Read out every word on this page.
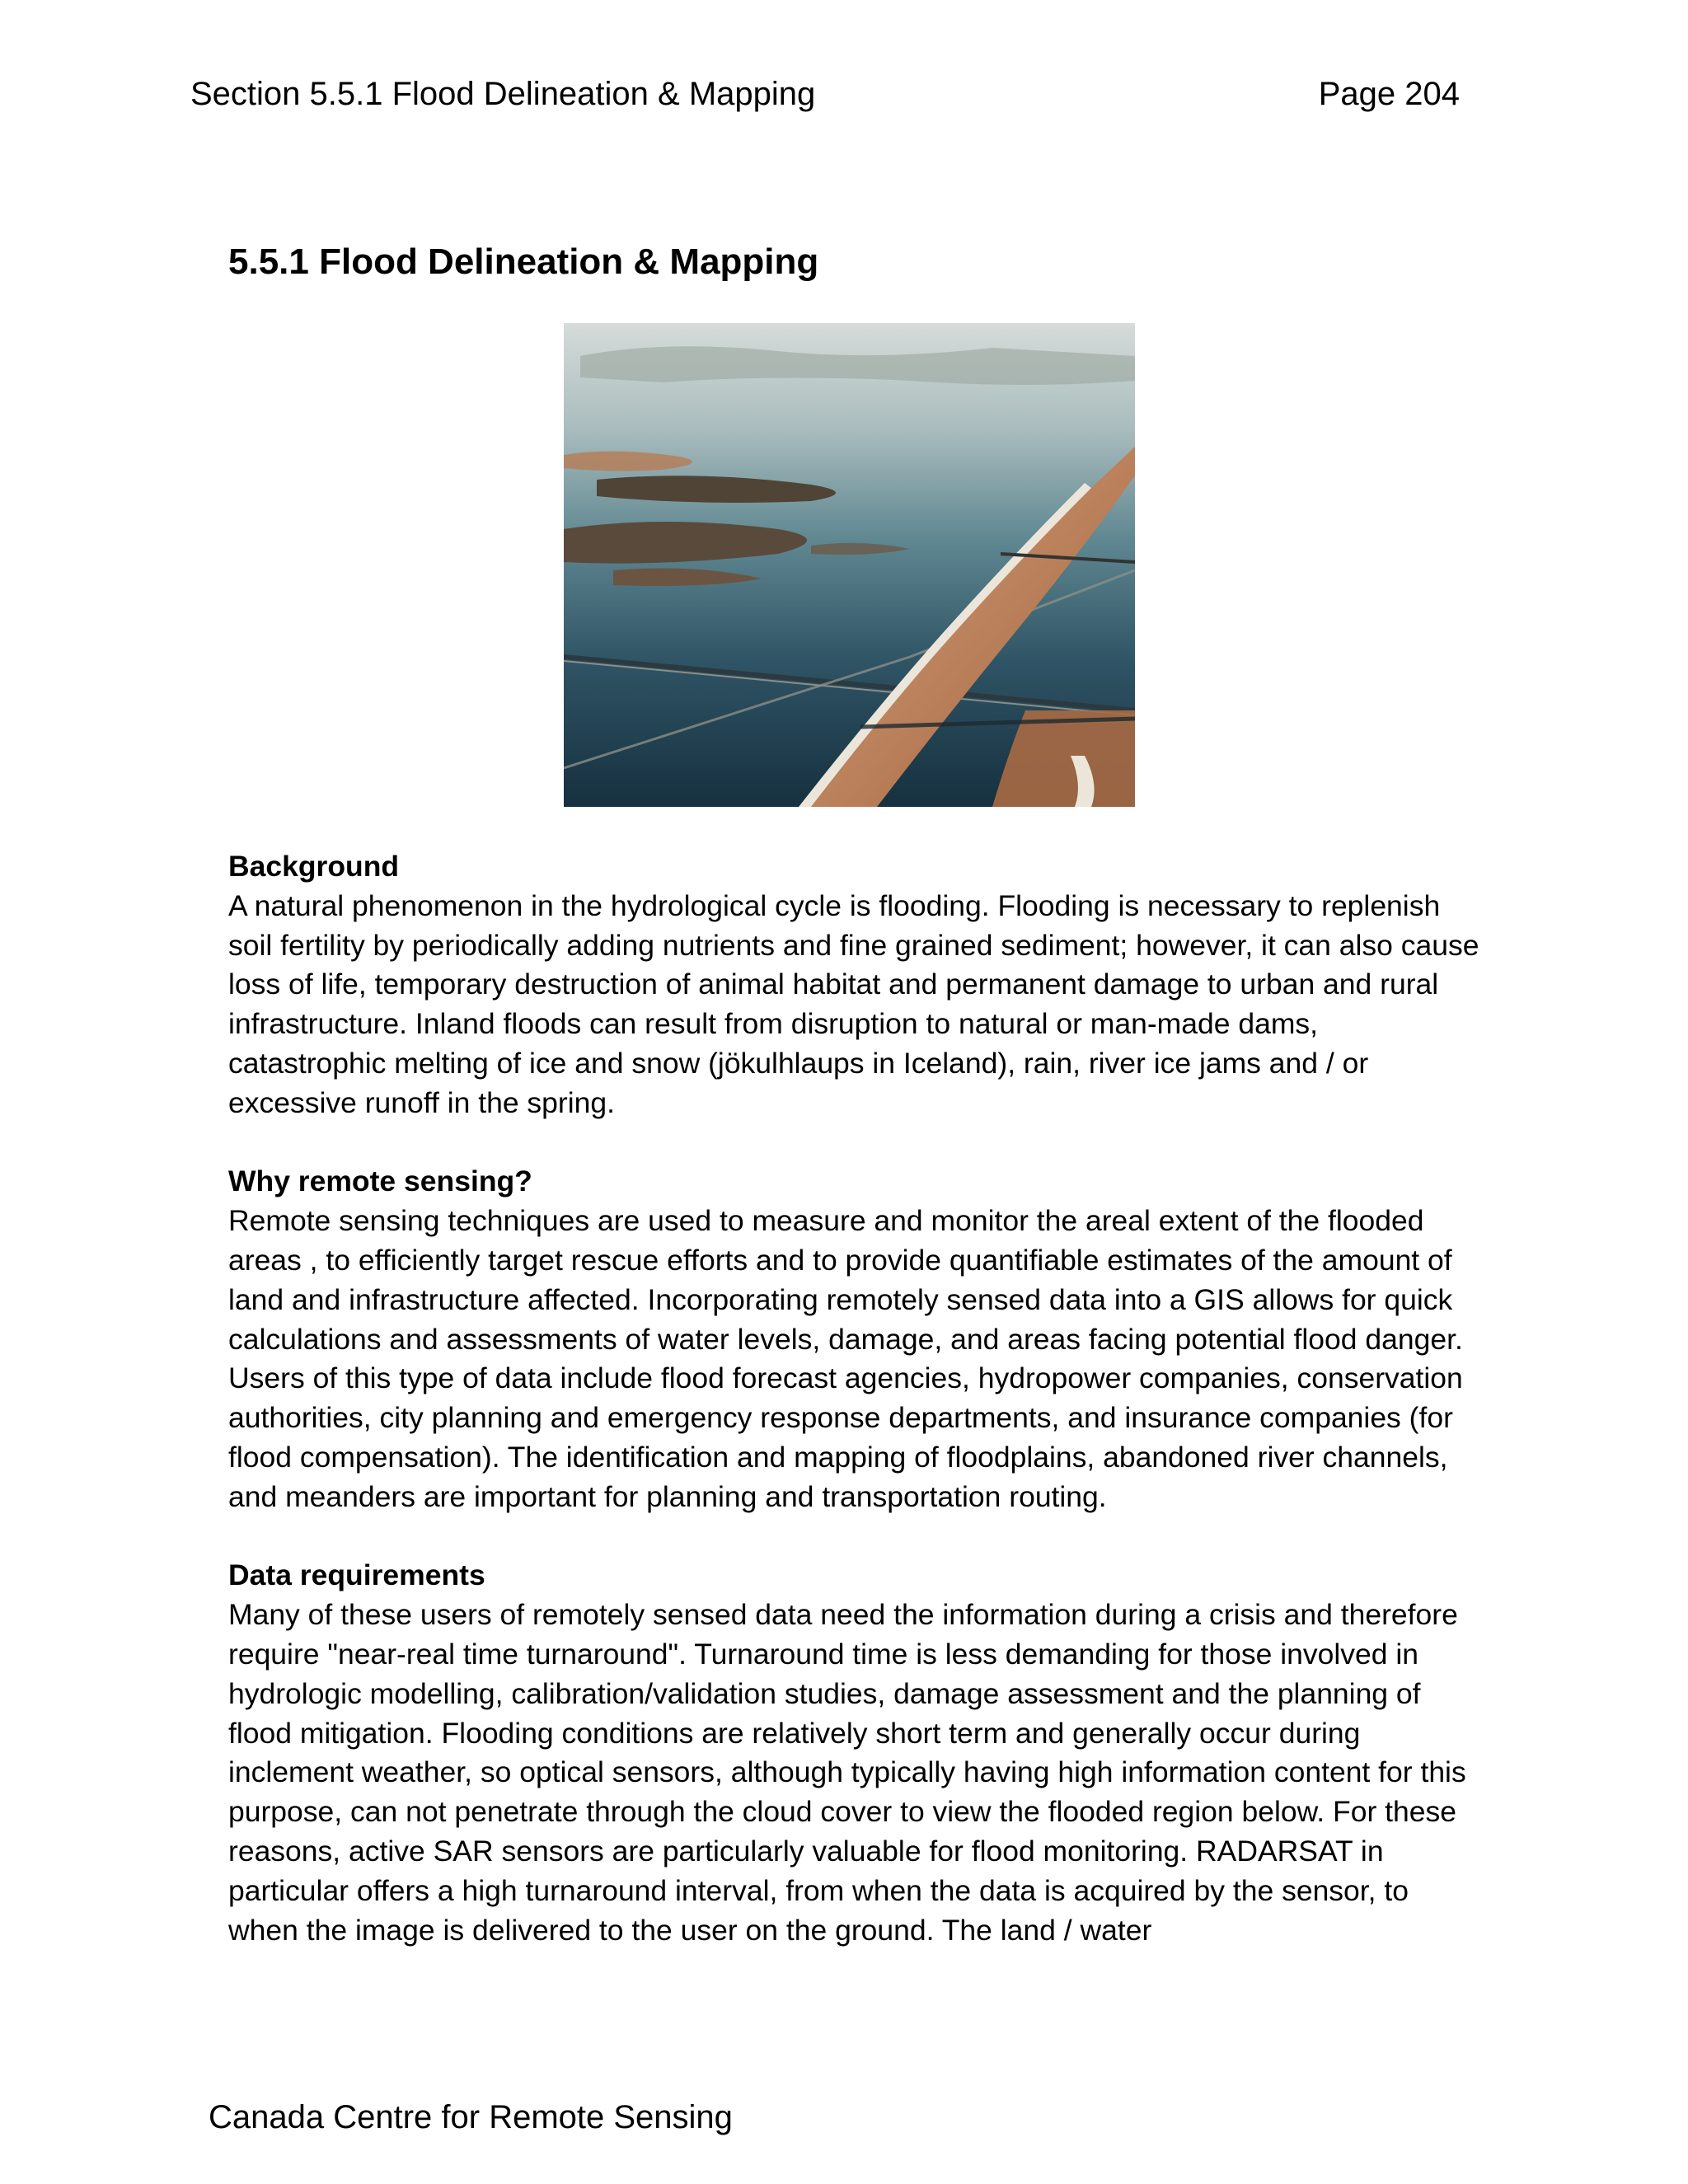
Section 5.5.1 Flood Delineation & Mapping	Page 204
5.5.1 Flood Delineation & Mapping
Background

A natural phenomenon in the hydrological cycle is flooding. Flooding is necessary to replenish soil fertility by periodically adding nutrients and fine grained sediment; however, it can also cause loss of life, temporary destruction of animal habitat and permanent damage to urban and rural infrastructure. Inland floods can result from disruption to natural or man-made dams, catastrophic melting of ice and snow (jökulhlaups in Iceland), rain, river ice jams and / or excessive runoff in the spring.

Why remote sensing?

Remote sensing techniques are used to measure and monitor the areal extent of the flooded areas , to efficiently target rescue efforts and to provide quantifiable estimates of the amount of land and infrastructure affected. Incorporating remotely sensed data into a GIS allows for quick calculations and assessments of water levels, damage, and areas facing potential flood danger. Users of this type of data include flood forecast agencies, hydropower companies, conservation authorities, city planning and emergency response departments, and insurance companies (for flood compensation). The identification and mapping of floodplains, abandoned river channels, and meanders are important for planning and transportation routing.

Data requirements

Many of these users of remotely sensed data need the information during a crisis and therefore require "near-real time turnaround". Turnaround time is less demanding for those involved in hydrologic modelling, calibration/validation studies, damage assessment and the planning of flood mitigation. Flooding conditions are relatively short term and generally occur during inclement weather, so optical sensors, although typically having high information content for this purpose, can not penetrate through the cloud cover to view the flooded region below. For these reasons, active SAR sensors are particularly valuable for flood monitoring. RADARSAT in particular offers a high turnaround interval, from when the data is acquired by the sensor, to when the image is delivered to the user on the ground. The land / water

Canada Centre for Remote Sensing
